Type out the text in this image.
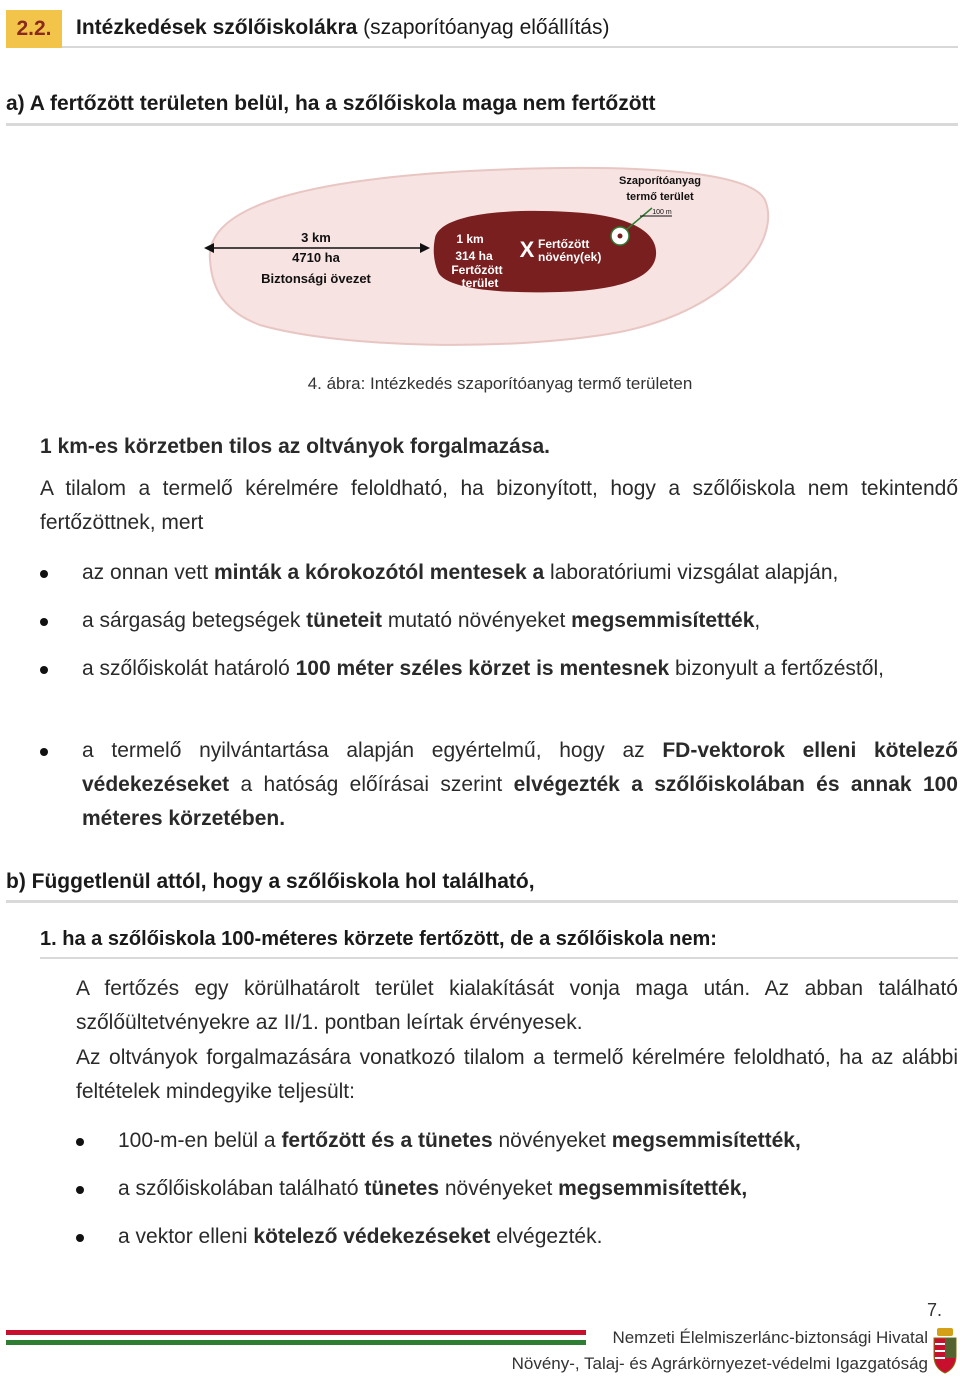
2.2.	Intézkedések szőlőiskolákra (szaporítóanyag előállítás)
a) A fertőzött területen belül, ha a szőlőiskola maga nem fertőzött
3 km
4710 ha
Biztonsági övezet
1 km
314 ha
Fertőzött
terület
X Fertőzött
növény(ek)
Szaporítóanyag
termő terület
100 m
4. ábra: Intézkedés szaporítóanyag termő területen
1 km-es körzetben tilos az oltványok forgalmazása.
A tilalom a termelő kérelmére feloldható, ha bizonyított, hogy a szőlőiskola nem tekintendő fertőzöttnek, mert
az onnan vett minták a kórokozótól mentesek a laboratóriumi vizsgálat alapján,
a sárgaság betegségek tüneteit mutató növényeket megsemmisítették,
a szőlőiskolát határoló 100 méter széles körzet is mentesnek bizonyult a fertőzéstől,
a termelő nyilvántartása alapján egyértelmű, hogy az FD-vektorok elleni kötelező védekezéseket a hatóság előírásai szerint elvégezték a szőlőiskolában és annak 100 méteres körzetében.
b) Függetlenül attól, hogy a szőlőiskola hol található,
1. ha a szőlőiskola 100-méteres körzete fertőzött, de a szőlőiskola nem:
A fertőzés egy körülhatárolt terület kialakítását vonja maga után. Az abban található szőlőültetvényekre az II/1. pontban leírtak érvényesek.
Az oltványok forgalmazására vonatkozó tilalom a termelő kérelmére feloldható, ha az alábbi feltételek mindegyike teljesült:
100-m-en belül a fertőzött és a tünetes növényeket megsemmisítették,
a szőlőiskolában található tünetes növényeket megsemmisítették,
a vektor elleni kötelező védekezéseket elvégezték.
7.
Nemzeti Élelmiszerlánc-biztonsági Hivatal
Növény-, Talaj- és Agrárkörnyezet-védelmi Igazgatóság
